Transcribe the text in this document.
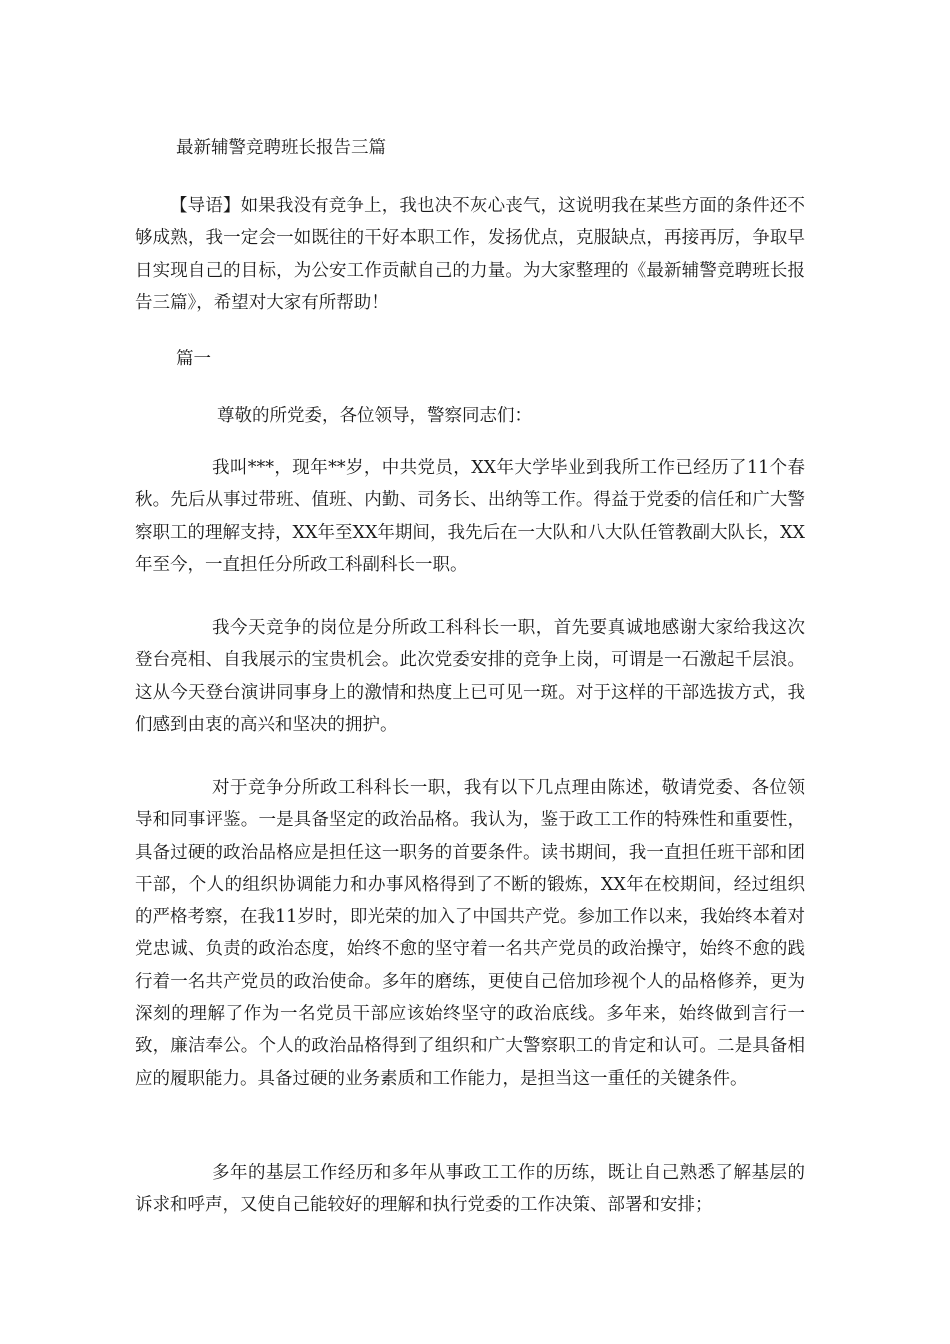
最新辅警竞聘班长报告三篇

【导语】如果我没有竞争上，我也决不灰心丧气，这说明我在某些方面的条件还不够成熟，我一定会一如既往的干好本职工作，发扬优点，克服缺点，再接再厉，争取早日实现自己的目标，为公安工作贡献自己的力量。为大家整理的《最新辅警竞聘班长报告三篇》，希望对大家有所帮助！

篇一
尊敬的所党委，各位领导，警察同志们：

我叫***，现年**岁，中共党员，XX年大学毕业到我所工作已经历了11个春秋。先后从事过带班、值班、内勤、司务长、出纳等工作。得益于党委的信任和广大警察职工的理解支持，XX年至XX年期间，我先后在一大队和八大队任管教副大队长，XX年至今，一直担任分所政工科副科长一职。

我今天竞争的岗位是分所政工科科长一职，首先要真诚地感谢大家给我这次登台亮相、自我展示的宝贵机会。此次党委安排的竞争上岗，可谓是一石激起千层浪。这从今天登台演讲同事身上的激情和热度上已可见一斑。对于这样的干部选拔方式，我们感到由衷的高兴和坚决的拥护。

对于竞争分所政工科科长一职，我有以下几点理由陈述，敬请党委、各位领导和同事评鉴。一是具备坚定的政治品格。我认为，鉴于政工工作的特殊性和重要性，具备过硬的政治品格应是担任这一职务的首要条件。读书期间，我一直担任班干部和团干部，个人的组织协调能力和办事风格得到了不断的锻炼，XX年在校期间，经过组织的严格考察，在我11岁时，即光荣的加入了中国共产党。参加工作以来，我始终本着对党忠诚、负责的政治态度，始终不愈的坚守着一名共产党员的政治操守，始终不愈的践行着一名共产党员的政治使命。多年的磨练，更使自己倍加珍视个人的品格修养，更为深刻的理解了作为一名党员干部应该始终坚守的政治底线。多年来，始终做到言行一致，廉洁奉公。个人的政治品格得到了组织和广大警察职工的肯定和认可。二是具备相应的履职能力。具备过硬的业务素质和工作能力，是担当这一重任的关键条件。

多年的基层工作经历和多年从事政工工作的历练，既让自己熟悉了解基层的诉求和呼声，又使自己能较好的理解和执行党委的工作决策、部署和安排；
